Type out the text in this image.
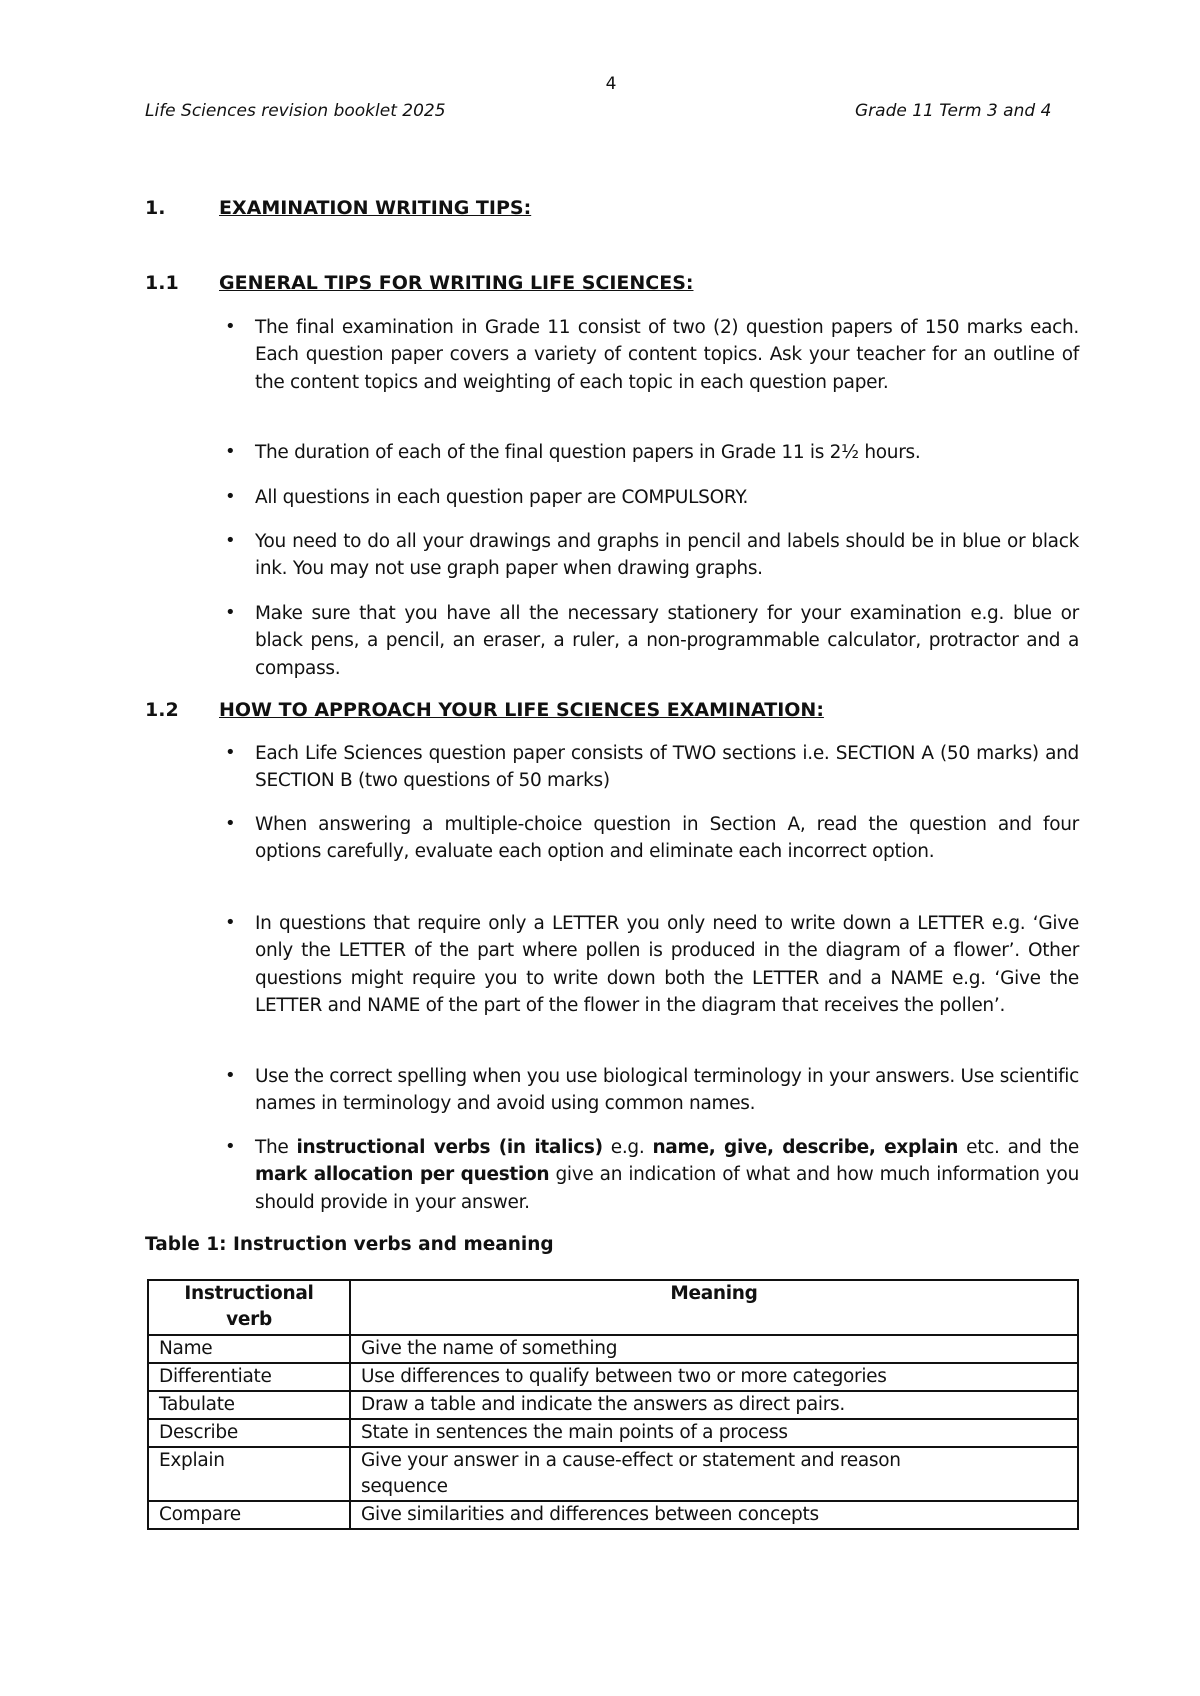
4
Life Sciences revision booklet 2025	Grade 11 Term 3 and 4
1.	EXAMINATION WRITING TIPS:
1.1 GENERAL TIPS FOR WRITING LIFE SCIENCES:
• The final examination in Grade 11 consist of two (2) question papers of 150 marks each. Each question paper covers a variety of content topics. Ask your teacher for an outline of the content topics and weighting of each topic in each question paper.
• The duration of each of the final question papers in Grade 11 is 2½ hours.
• All questions in each question paper are COMPULSORY.
• You need to do all your drawings and graphs in pencil and labels should be in blue or black ink. You may not use graph paper when drawing graphs.
• Make sure that you have all the necessary stationery for your examination e.g. blue or black pens, a pencil, an eraser, a ruler, a non-programmable calculator, protractor and a compass.
1.2 HOW TO APPROACH YOUR LIFE SCIENCES EXAMINATION:
• Each Life Sciences question paper consists of TWO sections i.e. SECTION A (50 marks) and SECTION B (two questions of 50 marks)
• When answering a multiple-choice question in Section A, read the question and four options carefully, evaluate each option and eliminate each incorrect option.
• In questions that require only a LETTER you only need to write down a LETTER e.g. ‘Give only the LETTER of the part where pollen is produced in the diagram of a flower’. Other questions might require you to write down both the LETTER and a NAME e.g. ‘Give the LETTER and NAME of the part of the flower in the diagram that receives the pollen’.
• Use the correct spelling when you use biological terminology in your answers. Use scientific names in terminology and avoid using common names.
• The instructional verbs (in italics) e.g. name, give, describe, explain etc. and the mark allocation per question give an indication of what and how much information you should provide in your answer.
Table 1: Instruction verbs and meaning
Instructional verb	Meaning
Name	Give the name of something
Differentiate	Use differences to qualify between two or more categories
Tabulate	Draw a table and indicate the answers as direct pairs.
Describe	State in sentences the main points of a process
Explain	Give your answer in a cause-effect or statement and reason sequence
Compare	Give similarities and differences between concepts
